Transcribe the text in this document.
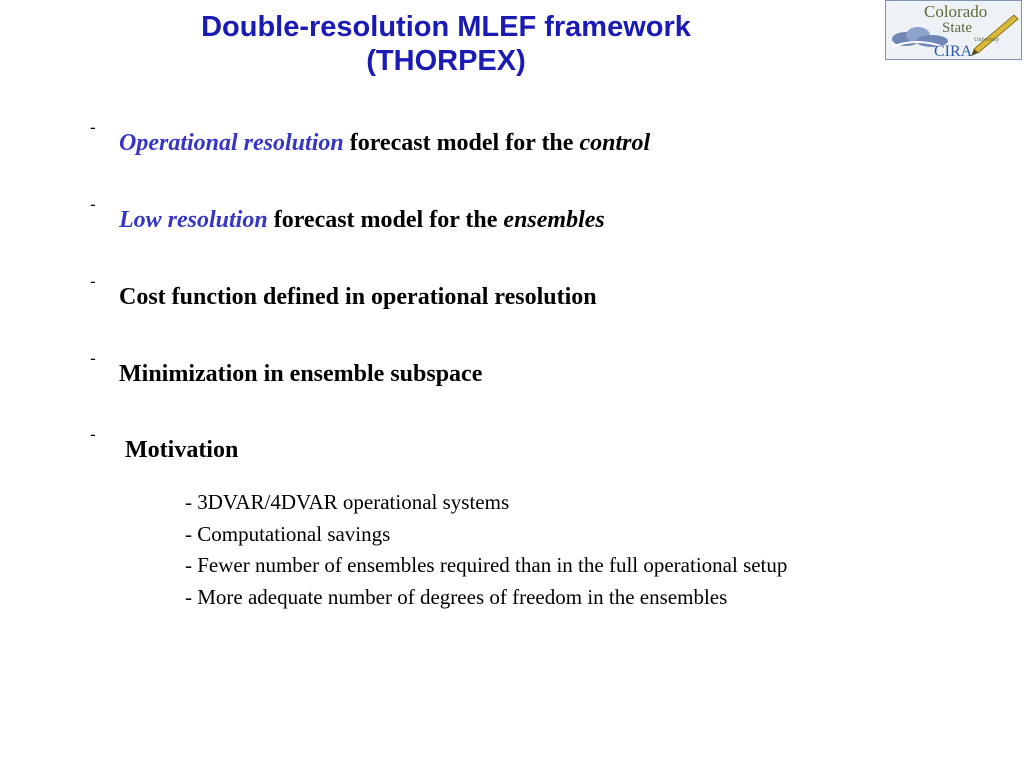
Double-resolution MLEF framework
(THORPEX)
Colorado
State
University
CIRA
-
Operational resolution forecast model for the control
-
Low resolution forecast model for the ensembles
-
Cost function defined in operational resolution
-
Minimization in ensemble subspace
-
Motivation
- 3DVAR/4DVAR operational systems
- Computational savings
- Fewer number of ensembles required than in the full operational setup
- More adequate number of degrees of freedom in the ensembles
